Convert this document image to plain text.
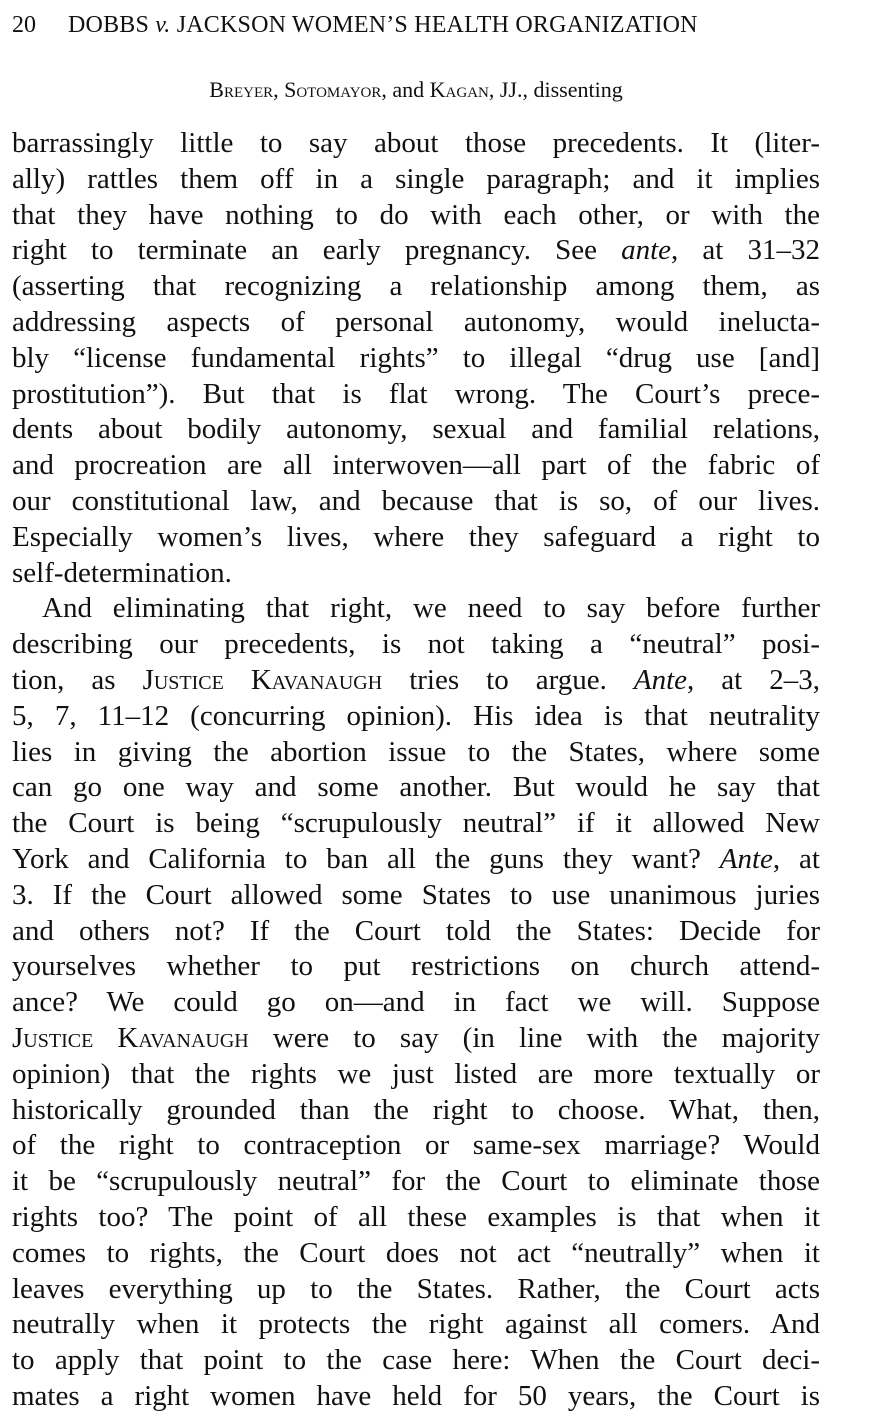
20 DOBBS v. JACKSON WOMEN’S HEALTH ORGANIZATION
Breyer, Sotomayor, and Kagan, JJ., dissenting
barrassingly little to say about those precedents. It (liter-
ally) rattles them off in a single paragraph; and it implies
that they have nothing to do with each other, or with the
right to terminate an early pregnancy. See ante, at 31–32
(asserting that recognizing a relationship among them, as
addressing aspects of personal autonomy, would inelucta-
bly “license fundamental rights” to illegal “drug use [and]
prostitution”). But that is flat wrong. The Court’s prece-
dents about bodily autonomy, sexual and familial relations,
and procreation are all interwoven—all part of the fabric of
our constitutional law, and because that is so, of our lives.
Especially women’s lives, where they safeguard a right to
self-determination.
And eliminating that right, we need to say before further
describing our precedents, is not taking a “neutral” posi-
tion, as Justice Kavanaugh tries to argue. Ante, at 2–3,
5, 7, 11–12 (concurring opinion). His idea is that neutrality
lies in giving the abortion issue to the States, where some
can go one way and some another. But would he say that
the Court is being “scrupulously neutral” if it allowed New
York and California to ban all the guns they want? Ante, at
3. If the Court allowed some States to use unanimous juries
and others not? If the Court told the States: Decide for
yourselves whether to put restrictions on church attend-
ance? We could go on—and in fact we will. Suppose
Justice Kavanaugh were to say (in line with the majority
opinion) that the rights we just listed are more textually or
historically grounded than the right to choose. What, then,
of the right to contraception or same-sex marriage? Would
it be “scrupulously neutral” for the Court to eliminate those
rights too? The point of all these examples is that when it
comes to rights, the Court does not act “neutrally” when it
leaves everything up to the States. Rather, the Court acts
neutrally when it protects the right against all comers. And
to apply that point to the case here: When the Court deci-
mates a right women have held for 50 years, the Court is
